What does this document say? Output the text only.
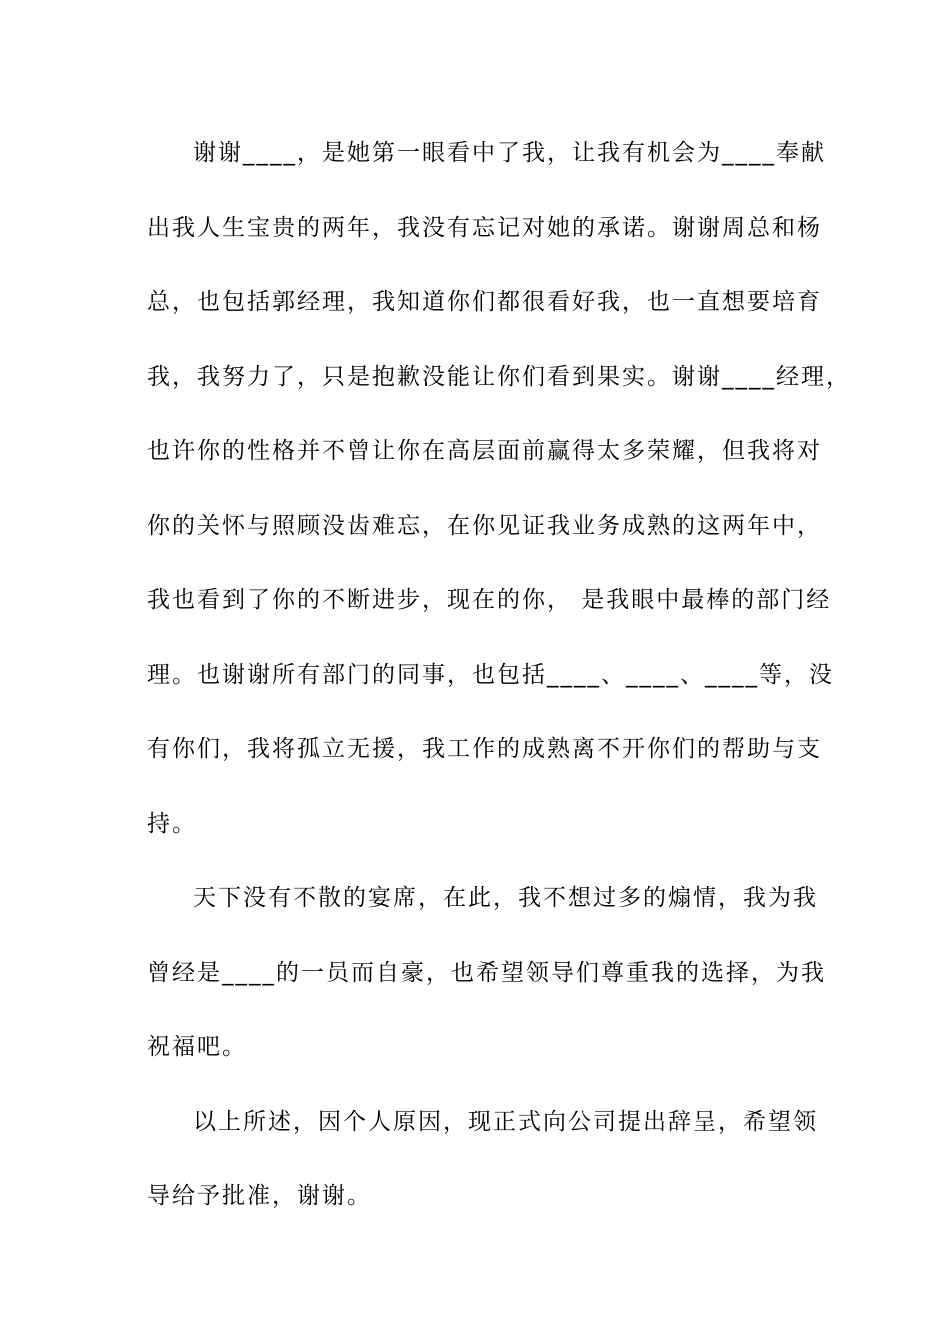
谢谢____，是她第一眼看中了我，让我有机会为____奉献
出我人生宝贵的两年，我没有忘记对她的承诺。谢谢周总和杨
总，也包括郭经理，我知道你们都很看好我，也一直想要培育
我，我努力了，只是抱歉没能让你们看到果实。谢谢____经理，
也许你的性格并不曾让你在高层面前赢得太多荣耀，但我将对
你的关怀与照顾没齿难忘，在你见证我业务成熟的这两年中，
我也看到了你的不断进步，现在的你， 是我眼中最棒的部门经
理。也谢谢所有部门的同事，也包括____、____、____等，没
有你们，我将孤立无援，我工作的成熟离不开你们的帮助与支
持。
天下没有不散的宴席，在此，我不想过多的煽情，我为我
曾经是____的一员而自豪，也希望领导们尊重我的选择，为我
祝福吧。
以上所述，因个人原因，现正式向公司提出辞呈，希望领
导给予批准，谢谢。
